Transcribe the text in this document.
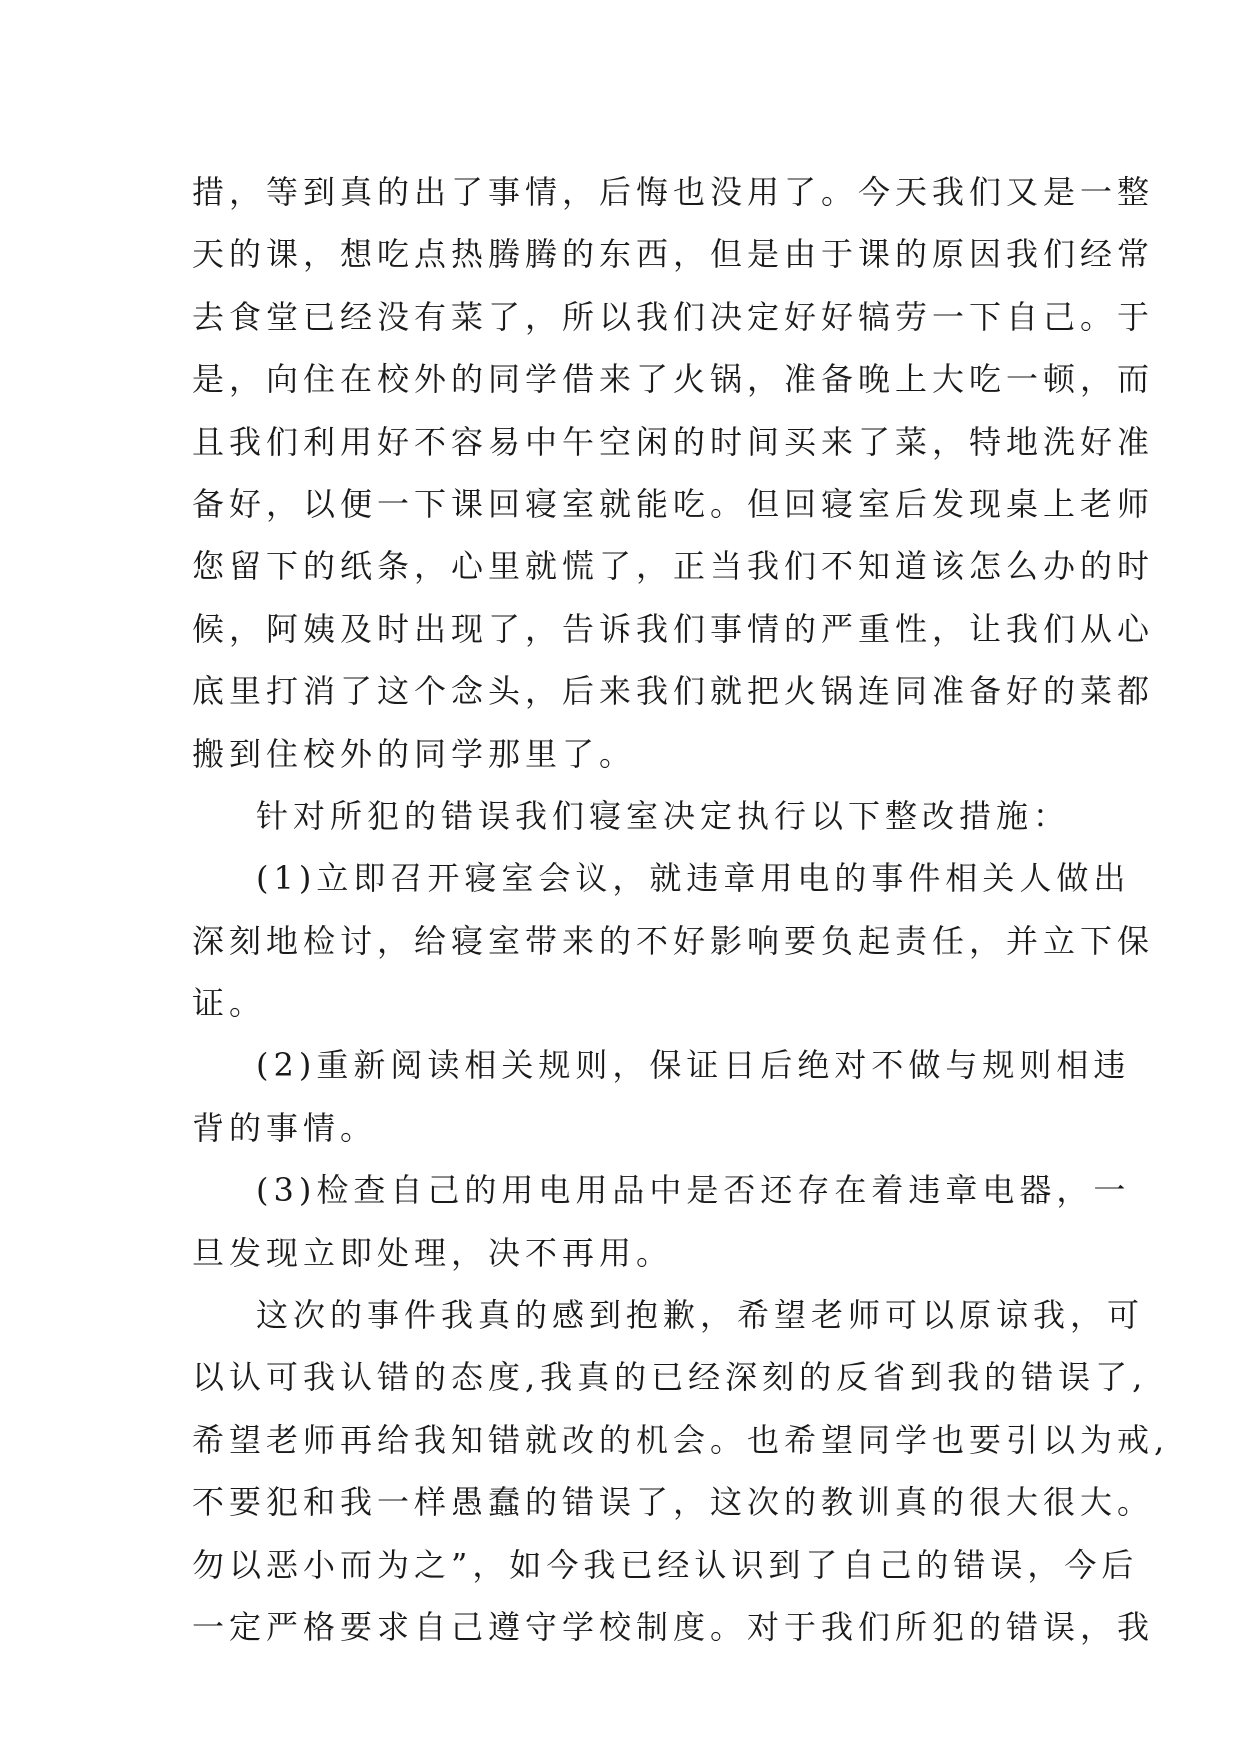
措，等到真的出了事情，后悔也没用了。今天我们又是一整
天的课，想吃点热腾腾的东西，但是由于课的原因我们经常
去食堂已经没有菜了，所以我们决定好好犒劳一下自己。于
是，向住在校外的同学借来了火锅，准备晚上大吃一顿，而
且我们利用好不容易中午空闲的时间买来了菜，特地洗好准
备好，以便一下课回寝室就能吃。但回寝室后发现桌上老师
您留下的纸条，心里就慌了，正当我们不知道该怎么办的时
候，阿姨及时出现了，告诉我们事情的严重性，让我们从心
底里打消了这个念头，后来我们就把火锅连同准备好的菜都
搬到住校外的同学那里了。
针对所犯的错误我们寝室决定执行以下整改措施：
(1)立即召开寝室会议，就违章用电的事件相关人做出
深刻地检讨，给寝室带来的不好影响要负起责任，并立下保
证。
(2)重新阅读相关规则，保证日后绝对不做与规则相违
背的事情。
(3)检查自己的用电用品中是否还存在着违章电器，一
旦发现立即处理，决不再用。
这次的事件我真的感到抱歉，希望老师可以原谅我，可
以认可我认错的态度,我真的已经深刻的反省到我的错误了,
希望老师再给我知错就改的机会。也希望同学也要引以为戒,
不要犯和我一样愚蠢的错误了，这次的教训真的很大很大。
勿以恶小而为之”，如今我已经认识到了自己的错误，今后
一定严格要求自己遵守学校制度。对于我们所犯的错误，我
